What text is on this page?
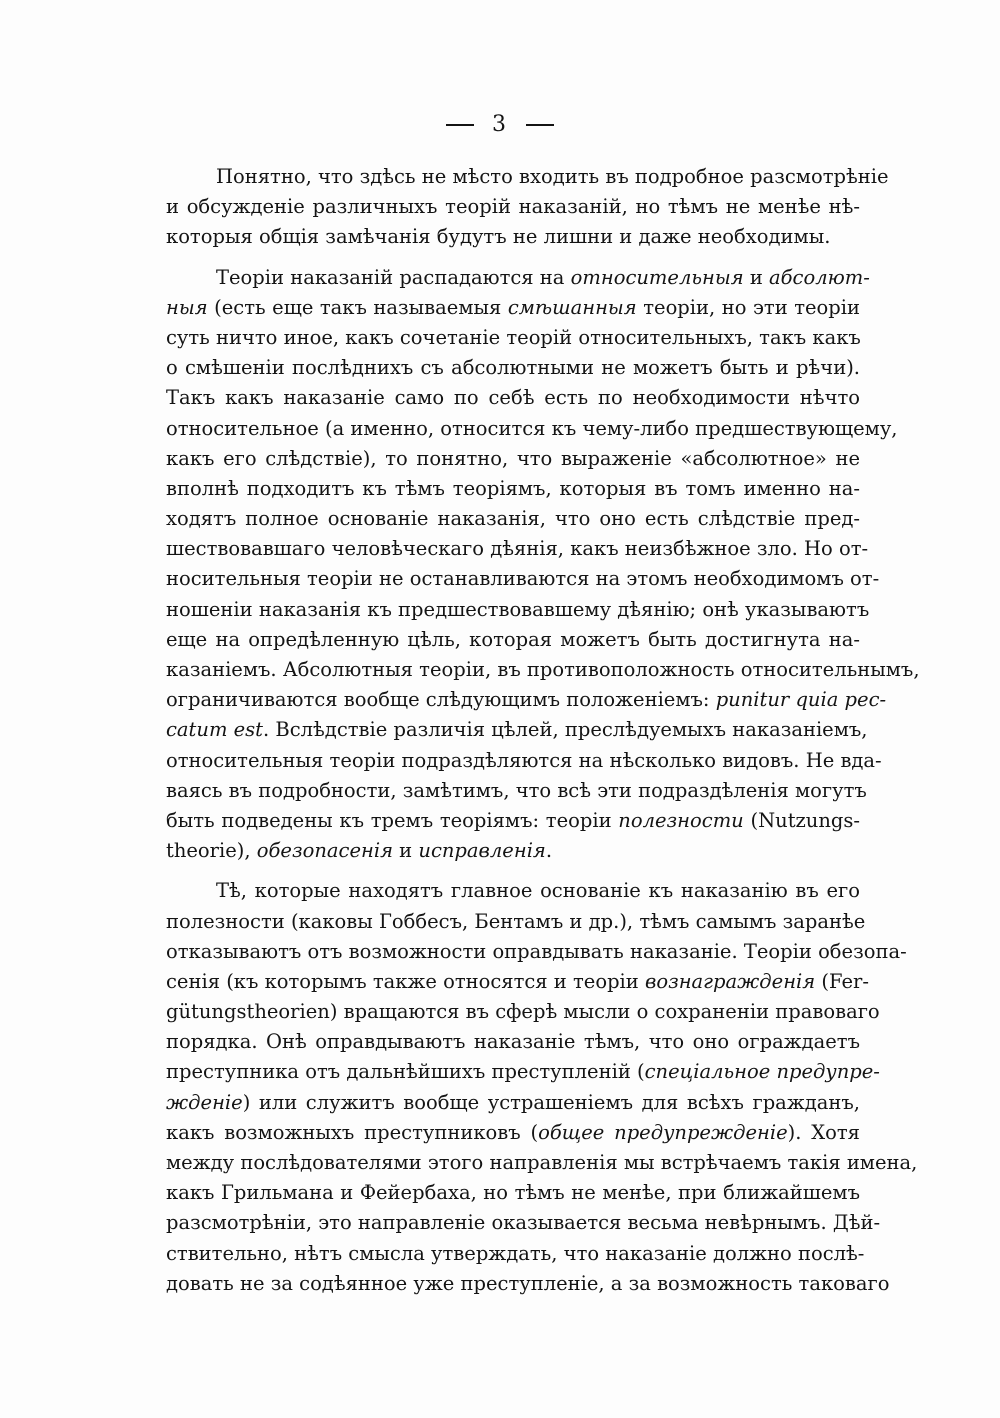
3
Понятно, что здѣсь не мѣсто входить въ подробное разсмотрѣніе
и обсужденіе различныхъ теорій наказаній, но тѣмъ не менѣе нѣ-
которыя общія замѣчанія будутъ не лишни и даже необходимы.
Теоріи наказаній распадаются на относительныя и абсолют-
ныя (есть еще такъ называемыя смѣшанныя теоріи, но эти теоріи
суть ничто иное, какъ сочетаніе теорій относительныхъ, такъ какъ
о смѣшеніи послѣднихъ съ абсолютными не можетъ быть и рѣчи).
Такъ какъ наказаніе само по себѣ есть по необходимости нѣчто
относительное (а именно, относится къ чему-либо предшествующему,
какъ его слѣдствіе), то понятно, что выраженіе «абсолютное» не
вполнѣ подходитъ къ тѣмъ теоріямъ, которыя въ томъ именно на-
ходятъ полное основаніе наказанія, что оно есть слѣдствіе пред-
шествовавшаго человѣческаго дѣянія, какъ неизбѣжное зло. Но от-
носительныя теоріи не останавливаются на этомъ необходимомъ от-
ношеніи наказанія къ предшествовавшему дѣянію; онѣ указываютъ
еще на опредѣленную цѣль, которая можетъ быть достигнута на-
казаніемъ. Абсолютныя теоріи, въ противоположность относительнымъ,
ограничиваются вообще слѣдующимъ положеніемъ: punitur quia pec-
catum est. Вслѣдствіе различія цѣлей, преслѣдуемыхъ наказаніемъ,
относительныя теоріи подраздѣляются на нѣсколько видовъ. Не вда-
ваясь въ подробности, замѣтимъ, что всѣ эти подраздѣленія могутъ
быть подведены къ тремъ теоріямъ: теоріи полезности (Nutzungs-
theorie), обезопасенія и исправленія.
Тѣ, которые находятъ главное основаніе къ наказанію въ его
полезности (каковы Гоббесъ, Бентамъ и др.), тѣмъ самымъ заранѣе
отказываютъ отъ возможности оправдывать наказаніе. Теоріи обезопа-
сенія (къ которымъ также относятся и теоріи вознагражденія (Fer-
gütungstheorien) вращаются въ сферѣ мысли о сохраненіи правоваго
порядка. Онѣ оправдываютъ наказаніе тѣмъ, что оно ограждаетъ
преступника отъ дальнѣйшихъ преступленій (спеціальное предупре-
жденіе) или служитъ вообще устрашеніемъ для всѣхъ гражданъ,
какъ возможныхъ преступниковъ (общее предупрежденіе). Хотя
между послѣдователями этого направленія мы встрѣчаемъ такія имена,
какъ Грильмана и Фейербаха, но тѣмъ не менѣе, при ближайшемъ
разсмотрѣніи, это направленіе оказывается весьма невѣрнымъ. Дѣй-
ствительно, нѣтъ смысла утверждать, что наказаніе должно послѣ-
довать не за содѣянное уже преступленіе, а за возможность таковаго
